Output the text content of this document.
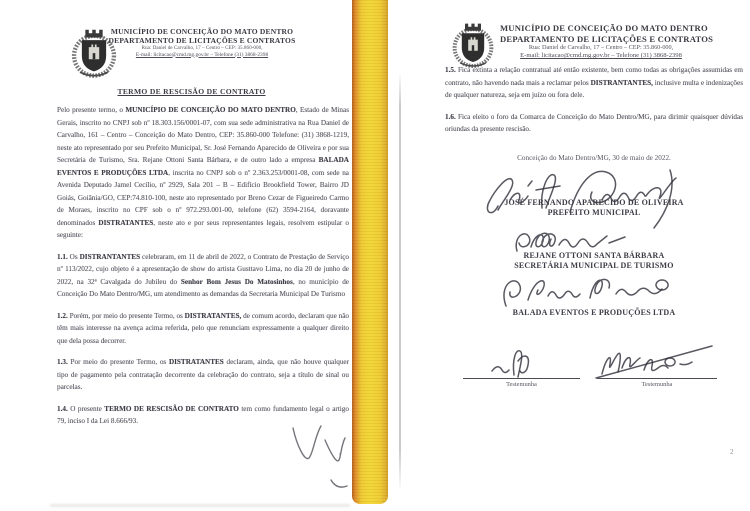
MUNICÍPIO DE CONCEIÇÃO DO MATO DENTRO
DEPARTAMENTO DE LICITAÇÕES E CONTRATOS
Rua: Daniel de Carvalho, 17 – Centro – CEP: 35.860-000,
E-mail: licitacao@cmd.mg.gov.br – Telefone (31) 3868-2398
TERMO DE RESCISÃO DE CONTRATO

Pelo presente termo, o MUNICÍPIO DE CONCEIÇÃO DO MATO DENTRO, Estado de Minas Gerais, inscrito no CNPJ sob nº 18.303.156/0001-07, com sua sede administrativa na Rua Daniel de Carvalho, 161 – Centro – Conceição do Mato Dentro, CEP: 35.860-000 Telefone: (31) 3868-1219, neste ato representado por seu Prefeito Municipal, Sr. José Fernando Aparecido de Oliveira e por sua Secretária de Turismo, Sra. Rejane Ottoni Santa Bárbara, e de outro lado a empresa BALADA EVENTOS E PRODUÇÕES LTDA, inscrita no CNPJ sob o nº 2.363.253/0001-08, com sede na Avenida Deputado Jamel Cecílio, nº 2929, Sala 201 – B – Edifício Brookfield Tower, Bairro JD Goiás, Goiânia/GO, CEP:74.810-100, neste ato representado por Breno Cezar de Figueiredo Carmo de Moraes, inscrito no CPF sob o nº 972.293.001-00, telefone (62) 3594-2164, doravante denominados DISTRATANTES, neste ato e por seus representantes legais, resolvem estipular o seguinte:

1.1. Os DISTRANTANTES celebraram, em 11 de abril de 2022, o Contrato de Prestação de Serviço nº 113/2022, cujo objeto é a apresentação de show do artista Gusttavo Lima, no dia 20 de junho de 2022, na 32ª Cavalgada do Jubileu do Senhor Bom Jesus Do Matosinhos, no município de Conceição Do Mato Dentro/MG, um atendimento as demandas da Secretaria Municipal De Turismo

1.2. Porém, por meio do presente Termo, os DISTRATANTES, de comum acordo, declaram que não têm mais interesse na avença acima referida, pelo que renunciam expressamente a qualquer direito que dela possa decorrer.

1.3. Por meio do presente Termo, os DISTRATANTES declaram, ainda, que não houve qualquer tipo de pagamento pela contratação decorrente da celebração do contrato, seja a título de sinal ou parcelas.

1.4. O presente TERMO DE RESCISÃO DE CONTRATO tem como fundamento legal o artigo 79, inciso I da Lei 8.666/93.

1
MUNICÍPIO DE CONCEIÇÃO DO MATO DENTRO
DEPARTAMENTO DE LICITAÇÕES E CONTRATOS
Rua: Daniel de Carvalho, 17 – Centro – CEP: 35.860-000,
E-mail: licitacao@cmd.mg.gov.br – Telefone (31) 3868-2398

1.5. Fica extinta a relação contratual até então existente, bem como todas as obrigações assumidas em contrato, não havendo nada mais a reclamar pelos DISTRANTANTES, inclusive multa e indenizações de qualquer natureza, seja em juízo ou fora dele.

1.6. Fica eleito o foro da Comarca de Conceição do Mato Dentro/MG, para dirimir quaisquer dúvidas oriundas da presente rescisão.

Conceição do Mato Dentro/MG, 30 de maio de 2022.
JOSÉ FERNANDO APARECIDO DE OLIVEIRA
PREFEITO MUNICIPAL
REJANE OTTONI SANTA BÁRBARA
SECRETÁRIA MUNICIPAL DE TURISMO
BALADA EVENTOS E PRODUÇÕES LTDA
Testemunha	Testemunha
2
